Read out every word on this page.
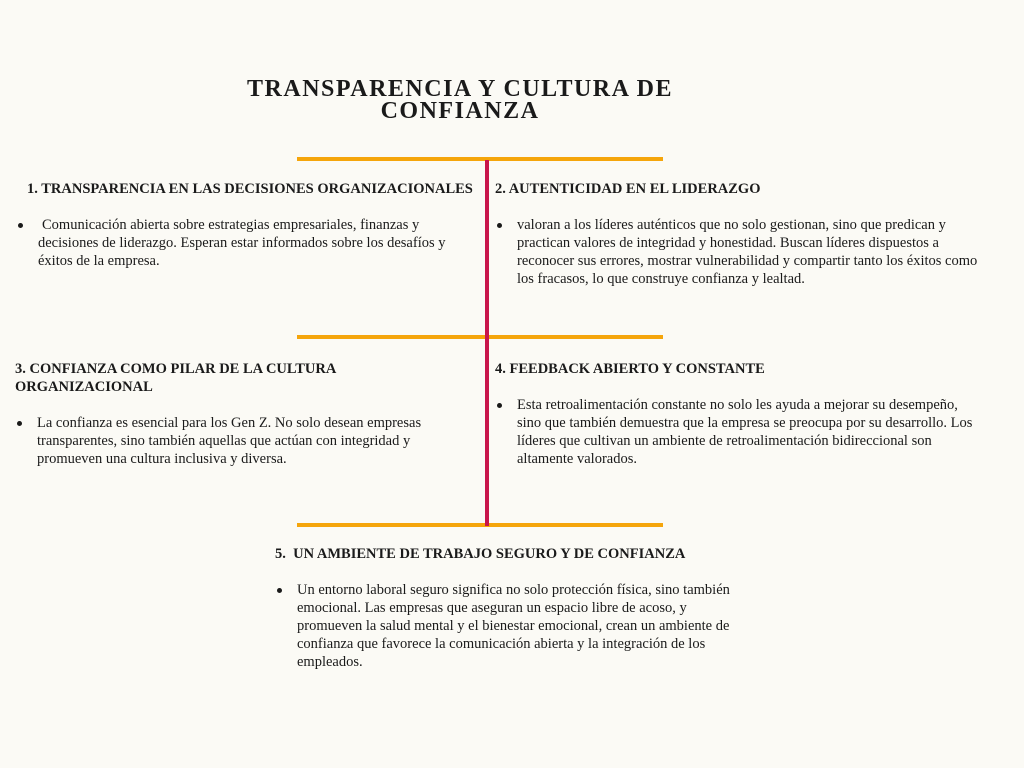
TRANSPARENCIA Y CULTURA DE
CONFIANZA
1. TRANSPARENCIA EN LAS DECISIONES ORGANIZACIONALES
Comunicación abierta sobre estrategias empresariales, finanzas y decisiones de liderazgo. Esperan estar informados sobre los desafíos y éxitos de la empresa.
2. AUTENTICIDAD EN EL LIDERAZGO
valoran a los líderes auténticos que no solo gestionan, sino que predican y practican valores de integridad y honestidad. Buscan líderes dispuestos a reconocer sus errores, mostrar vulnerabilidad y compartir tanto los éxitos como los fracasos, lo que construye confianza y lealtad.
3. CONFIANZA COMO PILAR DE LA CULTURA ORGANIZACIONAL
La confianza es esencial para los Gen Z. No solo desean empresas transparentes, sino también aquellas que actúan con integridad y promueven una cultura inclusiva y diversa.
4. FEEDBACK ABIERTO Y CONSTANTE
Esta retroalimentación constante no solo les ayuda a mejorar su desempeño, sino que también demuestra que la empresa se preocupa por su desarrollo. Los líderes que cultivan un ambiente de retroalimentación bidireccional son altamente valorados.
5. UN AMBIENTE DE TRABAJO SEGURO Y DE CONFIANZA
Un entorno laboral seguro significa no solo protección física, sino también emocional. Las empresas que aseguran un espacio libre de acoso, y promueven la salud mental y el bienestar emocional, crean un ambiente de confianza que favorece la comunicación abierta y la integración de los empleados.
